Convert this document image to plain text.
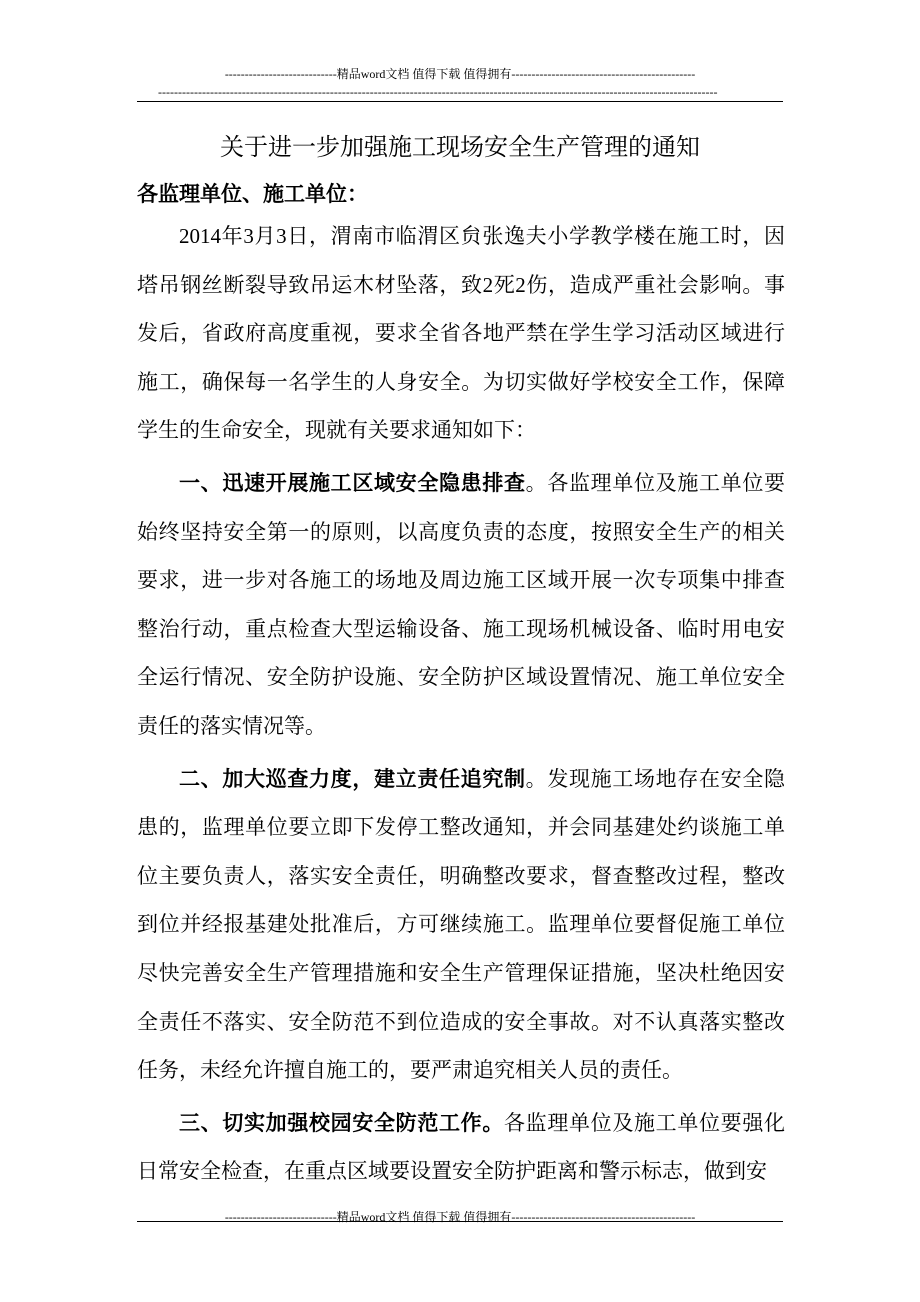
----------------------------精品word文档 值得下载 值得拥有----------------------------------------------
--------------------------------------------------------------------------------------------------------------------------------------------
关于进一步加强施工现场安全生产管理的通知
各监理单位、施工单位：

2014年3月3日，渭南市临渭区贠张逸夫小学教学楼在施工时，因塔吊钢丝断裂导致吊运木材坠落，致2死2伤，造成严重社会影响。事发后，省政府高度重视，要求全省各地严禁在学生学习活动区域进行施工，确保每一名学生的人身安全。为切实做好学校安全工作，保障学生的生命安全，现就有关要求通知如下：

一、迅速开展施工区域安全隐患排查。各监理单位及施工单位要始终坚持安全第一的原则，以高度负责的态度，按照安全生产的相关要求，进一步对各施工的场地及周边施工区域开展一次专项集中排查整治行动，重点检查大型运输设备、施工现场机械设备、临时用电安全运行情况、安全防护设施、安全防护区域设置情况、施工单位安全责任的落实情况等。

二、加大巡查力度，建立责任追究制。发现施工场地存在安全隐患的，监理单位要立即下发停工整改通知，并会同基建处约谈施工单位主要负责人，落实安全责任，明确整改要求，督查整改过程，整改到位并经报基建处批准后，方可继续施工。监理单位要督促施工单位尽快完善安全生产管理措施和安全生产管理保证措施，坚决杜绝因安全责任不落实、安全防范不到位造成的安全事故。对不认真落实整改任务，未经允许擅自施工的，要严肃追究相关人员的责任。

三、切实加强校园安全防范工作。各监理单位及施工单位要强化日常安全检查，在重点区域要设置安全防护距离和警示标志，做到安

----------------------------精品word文档 值得下载 值得拥有----------------------------------------------
